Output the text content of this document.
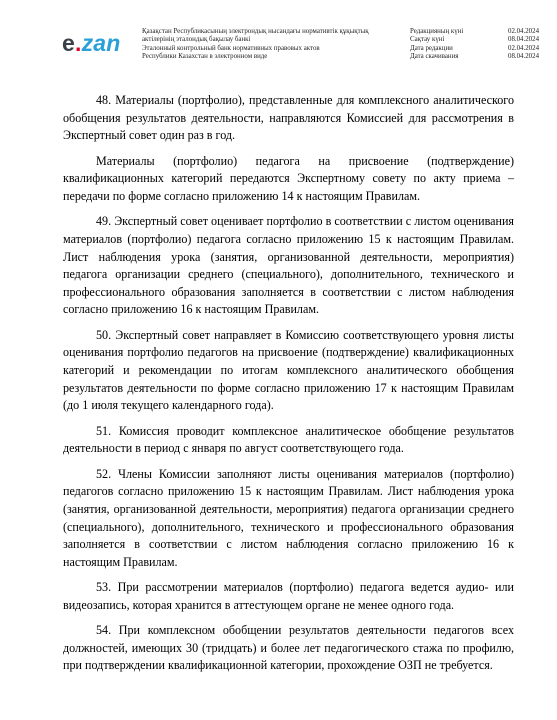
e.zan	Қазақстан Республикасының электрондық нысандағы нормативтік құқықтық
актілерінің эталондық бақылау банкі
Эталонный контрольный банк нормативных правовых актов
Республики Казахстан в электронном виде
Редакцияның күні	02.04.2024
Сақтау күні	08.04.2024
Дата редакции	02.04.2024
Дата скачивания	08.04.2024

48. Материалы (портфолио), представленные для комплексного аналитического обобщения результатов деятельности, направляются Комиссией для рассмотрения в Экспертный совет один раз в год.

Материалы (портфолио) педагога на присвоение (подтверждение) квалификационных категорий передаются Экспертному совету по акту приема – передачи по форме согласно приложению 14 к настоящим Правилам.

49. Экспертный совет оценивает портфолио в соответствии с листом оценивания материалов (портфолио) педагога согласно приложению 15 к настоящим Правилам. Лист наблюдения урока (занятия, организованной деятельности, мероприятия) педагога организации среднего (специального), дополнительного, технического и профессионального образования заполняется в соответствии с листом наблюдения согласно приложению 16 к настоящим Правилам.

50. Экспертный совет направляет в Комиссию соответствующего уровня листы оценивания портфолио педагогов на присвоение (подтверждение) квалификационных категорий и рекомендации по итогам комплексного аналитического обобщения результатов деятельности по форме согласно приложению 17 к настоящим Правилам (до 1 июля текущего календарного года).

51. Комиссия проводит комплексное аналитическое обобщение результатов деятельности в период с января по август соответствующего года.

52. Члены Комиссии заполняют листы оценивания материалов (портфолио) педагогов согласно приложению 15 к настоящим Правилам. Лист наблюдения урока (занятия, организованной деятельности, мероприятия) педагога организации среднего (специального), дополнительного, технического и профессионального образования заполняется в соответствии с листом наблюдения согласно приложению 16 к настоящим Правилам.

53. При рассмотрении материалов (портфолио) педагога ведется аудио- или видеозапись, которая хранится в аттестующем органе не менее одного года.

54. При комплексном обобщении результатов деятельности педагогов всех должностей, имеющих 30 (тридцать) и более лет педагогического стажа по профилю, при подтверждении квалификационной категории, прохождение ОЗП не требуется.
